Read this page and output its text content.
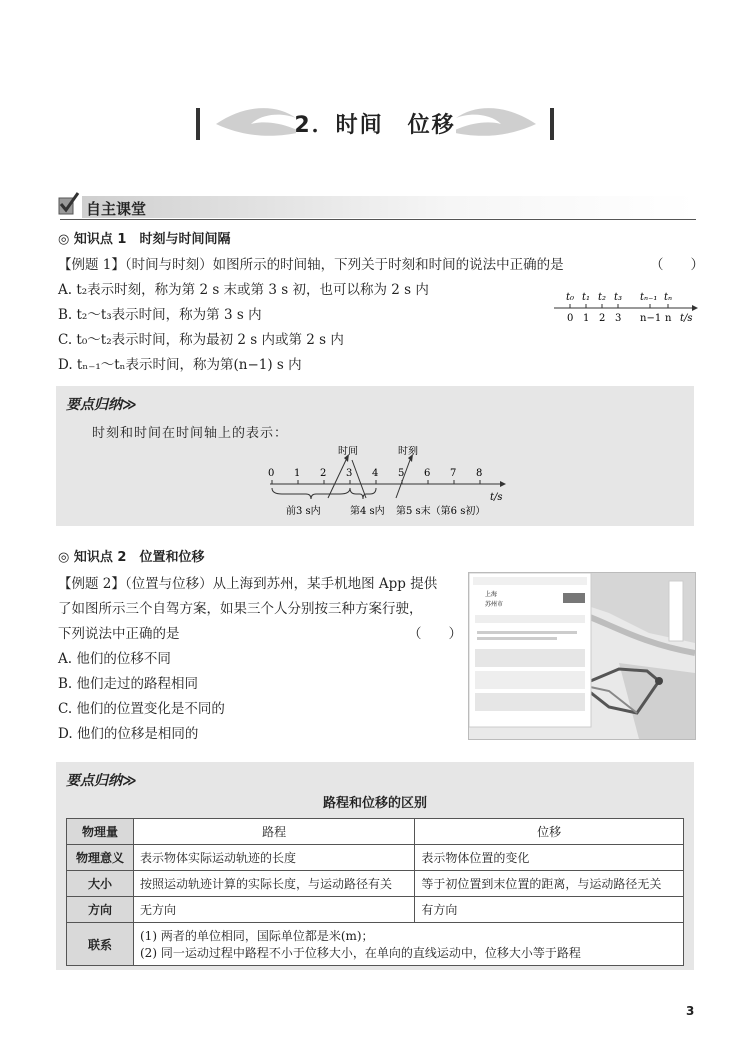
2．时间　位移
自主课堂
◎ 知识点 1　时刻与时间间隔
【例题 1】（时间与时刻）如图所示的时间轴，下列关于时刻和时间的说法中正确的是	（　　）
A. t₂表示时刻，称为第 2 s 末或第 3 s 初，也可以称为 2 s 内
B. t₂～t₃表示时间，称为第 3 s 内
C. t₀～t₂表示时间，称为最初 2 s 内或第 2 s 内
D. tₙ₋₁～tₙ表示时间，称为第(n−1) s 内
t₀ t₁ t₂ t₃ tₙ₋₁ tₙ
0 1 2 3 n−1 n t/s
要点归纳≫
时刻和时间在时间轴上的表示：
0 1 2 3 4 5 6 7 8
t/s
时间	时刻
前3 s内	第4 s内 第5 s末（第6 s初）
◎ 知识点 2　位置和位移
【例题 2】（位置与位移）从上海到苏州，某手机地图 App 提供
了如图所示三个自驾方案，如果三个人分别按三种方案行驶，
下列说法中正确的是	（　　）
A. 他们的位移不同
B. 他们走过的路程相同
C. 他们的位置变化是不同的
D. 他们的位移是相同的
上海
苏州市
要点归纳≫
路程和位移的区别
物理量	路程	位移
物理意义	表示物体实际运动轨迹的长度	表示物体位置的变化
大小	按照运动轨迹计算的实际长度，与运动路径有关	等于初位置到末位置的距离，与运动路径无关
方向	无方向	有方向
联系	(1) 两者的单位相同，国际单位都是米(m)；
(2) 同一运动过程中路程不小于位移大小，在单向的直线运动中，位移大小等于路程	
3
